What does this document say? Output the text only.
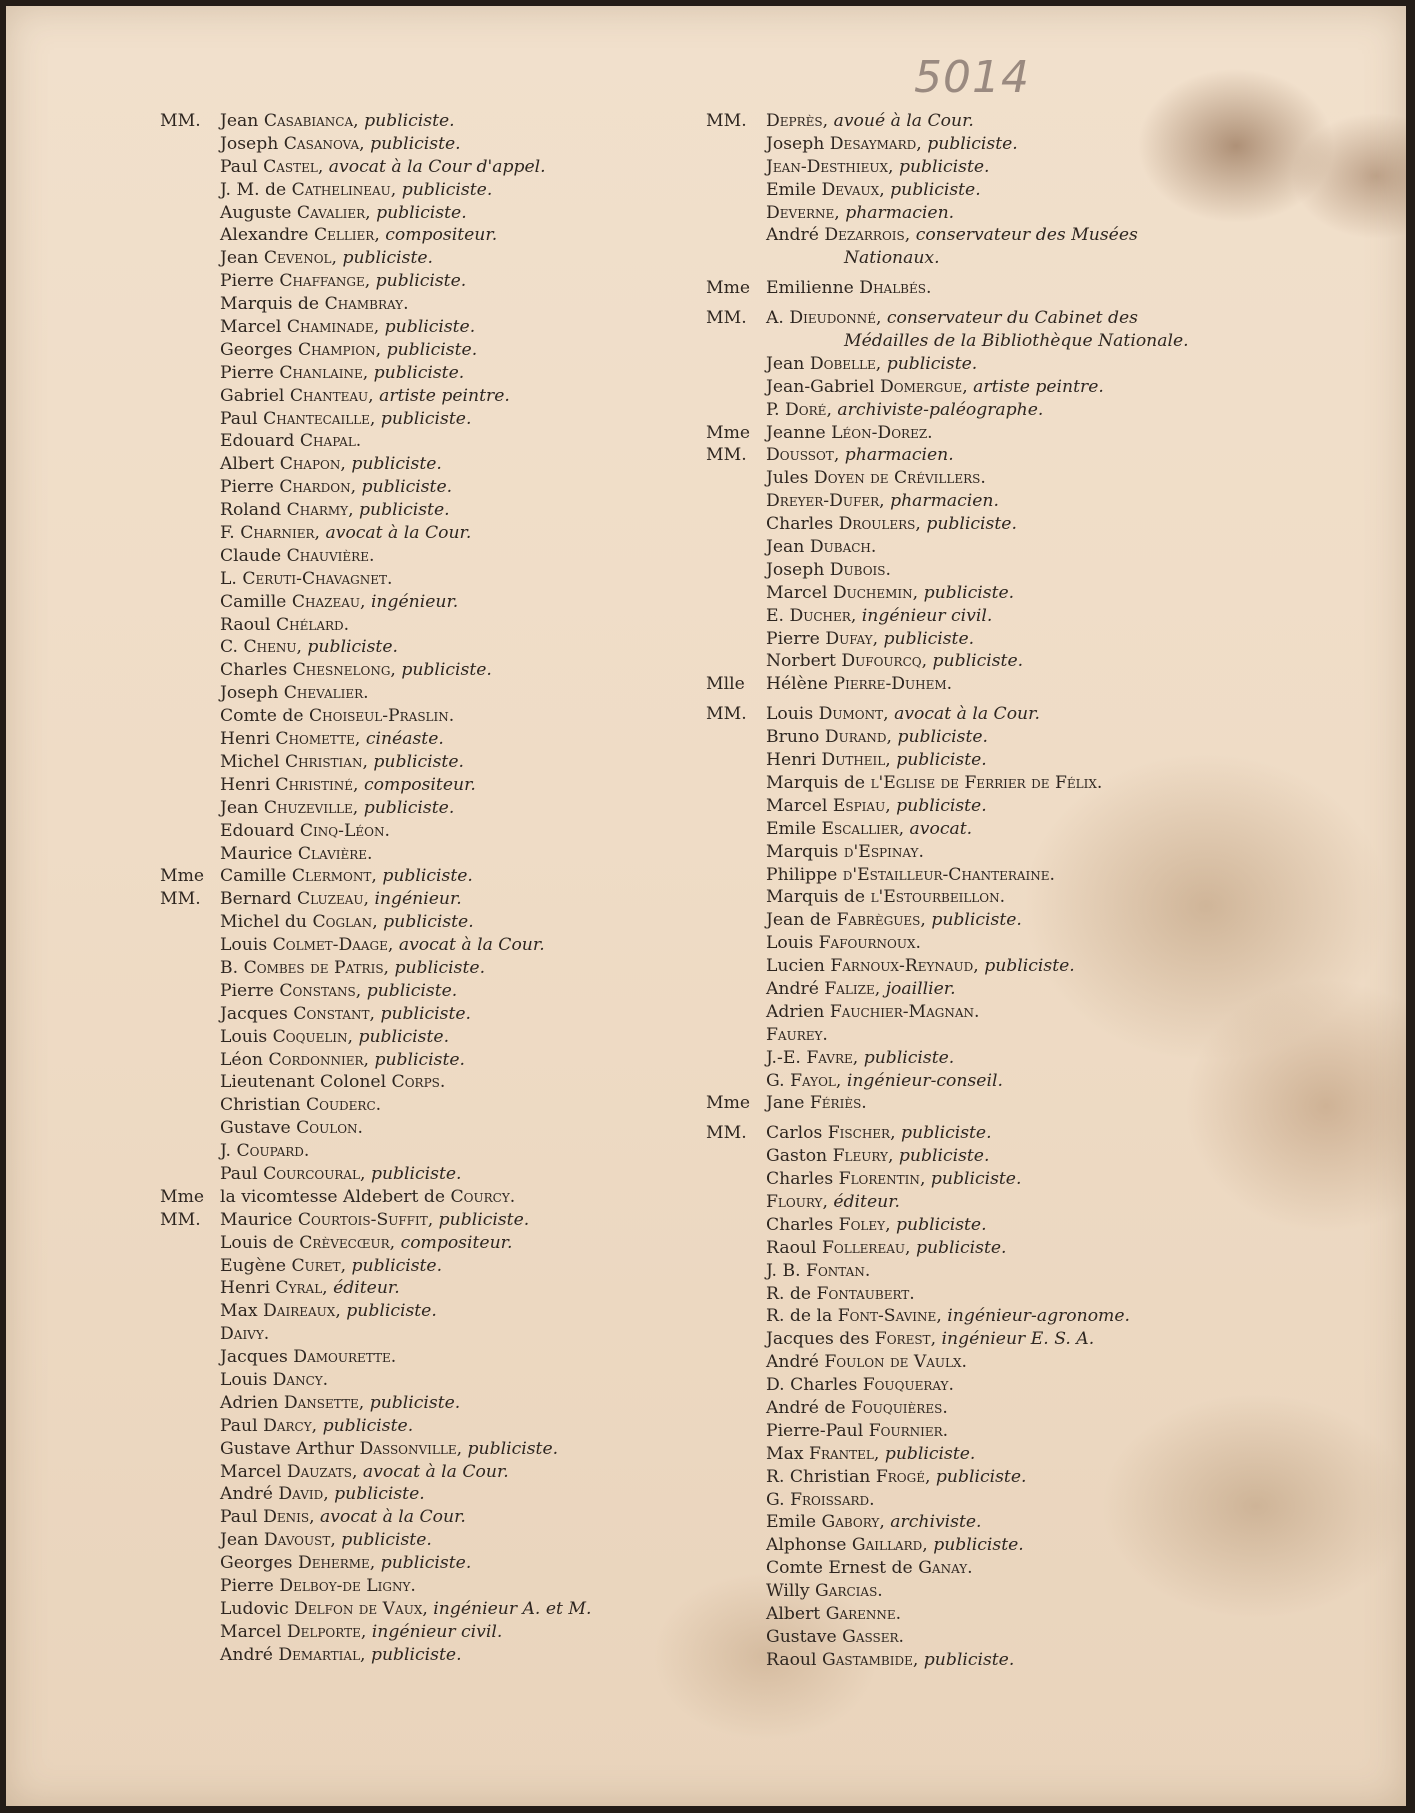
5014
MM. Jean Casabianca, publiciste.
Joseph Casanova, publiciste.
Paul Castel, avocat à la Cour d'appel.
J. M. de Cathelineau, publiciste.
Auguste Cavalier, publiciste.
Alexandre Cellier, compositeur.
Jean Cevenol, publiciste.
Pierre Chaffange, publiciste.
Marquis de Chambray.
Marcel Chaminade, publiciste.
Georges Champion, publiciste.
Pierre Chanlaine, publiciste.
Gabriel Chanteau, artiste peintre.
Paul Chantecaille, publiciste.
Edouard Chapal.
Albert Chapon, publiciste.
Pierre Chardon, publiciste.
Roland Charmy, publiciste.
F. Charnier, avocat à la Cour.
Claude Chauvière.
L. Ceruti-Chavagnet.
Camille Chazeau, ingénieur.
Raoul Chélard.
C. Chenu, publiciste.
Charles Chesnelong, publiciste.
Joseph Chevalier.
Comte de Choiseul-Praslin.
Henri Chomette, cinéaste.
Michel Christian, publiciste.
Henri Christiné, compositeur.
Jean Chuzeville, publiciste.
Edouard Cinq-Léon.
Maurice Clavière.
Mme Camille Clermont, publiciste.
MM. Bernard Cluzeau, ingénieur.
Michel du Coglan, publiciste.
Louis Colmet-Daage, avocat à la Cour.
B. Combes de Patris, publiciste.
Pierre Constans, publiciste.
Jacques Constant, publiciste.
Louis Coquelin, publiciste.
Léon Cordonnier, publiciste.
Lieutenant Colonel Corps.
Christian Couderc.
Gustave Coulon.
J. Coupard.
Paul Courcoural, publiciste.
Mme la vicomtesse Aldebert de Courcy.
MM. Maurice Courtois-Suffit, publiciste.
Louis de Crèvecœur, compositeur.
Eugène Curet, publiciste.
Henri Cyral, éditeur.
Max Daireaux, publiciste.
Daivy.
Jacques Damourette.
Louis Dancy.
Adrien Dansette, publiciste.
Paul Darcy, publiciste.
Gustave Arthur Dassonville, publiciste.
Marcel Dauzats, avocat à la Cour.
André David, publiciste.
Paul Denis, avocat à la Cour.
Jean Davoust, publiciste.
Georges Deherme, publiciste.
Pierre Delboy-de Ligny.
Ludovic Delfon de Vaux, ingénieur A. et M.
Marcel Delporte, ingénieur civil.
André Demartial, publiciste.
MM. Deprès, avoué à la Cour.
Joseph Desaymard, publiciste.
Jean-Desthieux, publiciste.
Emile Devaux, publiciste.
Deverne, pharmacien.
André Dezarrois, conservateur des Musées
Nationaux.
Mme Emilienne Dhalbés.
MM. A. Dieudonné, conservateur du Cabinet des
Médailles de la Bibliothèque Nationale.
Jean Dobelle, publiciste.
Jean-Gabriel Domergue, artiste peintre.
P. Doré, archiviste-paléographe.
Mme Jeanne Léon-Dorez.
MM. Doussot, pharmacien.
Jules Doyen de Crévillers.
Dreyer-Dufer, pharmacien.
Charles Droulers, publiciste.
Jean Dubach.
Joseph Dubois.
Marcel Duchemin, publiciste.
E. Ducher, ingénieur civil.
Pierre Dufay, publiciste.
Norbert Dufourcq, publiciste.
Mlle Hélène Pierre-Duhem.
MM. Louis Dumont, avocat à la Cour.
Bruno Durand, publiciste.
Henri Dutheil, publiciste.
Marquis de l'Eglise de Ferrier de Félix.
Marcel Espiau, publiciste.
Emile Escallier, avocat.
Marquis d'Espinay.
Philippe d'Estailleur-Chanteraine.
Marquis de l'Estourbeillon.
Jean de Fabrègues, publiciste.
Louis Fafournoux.
Lucien Farnoux-Reynaud, publiciste.
André Falize, joaillier.
Adrien Fauchier-Magnan.
Faurey.
J.-E. Favre, publiciste.
G. Fayol, ingénieur-conseil.
Mme Jane Fériès.
MM. Carlos Fischer, publiciste.
Gaston Fleury, publiciste.
Charles Florentin, publiciste.
Floury, éditeur.
Charles Foley, publiciste.
Raoul Follereau, publiciste.
J. B. Fontan.
R. de Fontaubert.
R. de la Font-Savine, ingénieur-agronome.
Jacques des Forest, ingénieur E. S. A.
André Foulon de Vaulx.
D. Charles Fouqueray.
André de Fouquières.
Pierre-Paul Fournier.
Max Frantel, publiciste.
R. Christian Frogé, publiciste.
G. Froissard.
Emile Gabory, archiviste.
Alphonse Gaillard, publiciste.
Comte Ernest de Ganay.
Willy Garcias.
Albert Garenne.
Gustave Gasser.
Raoul Gastambide, publiciste.
